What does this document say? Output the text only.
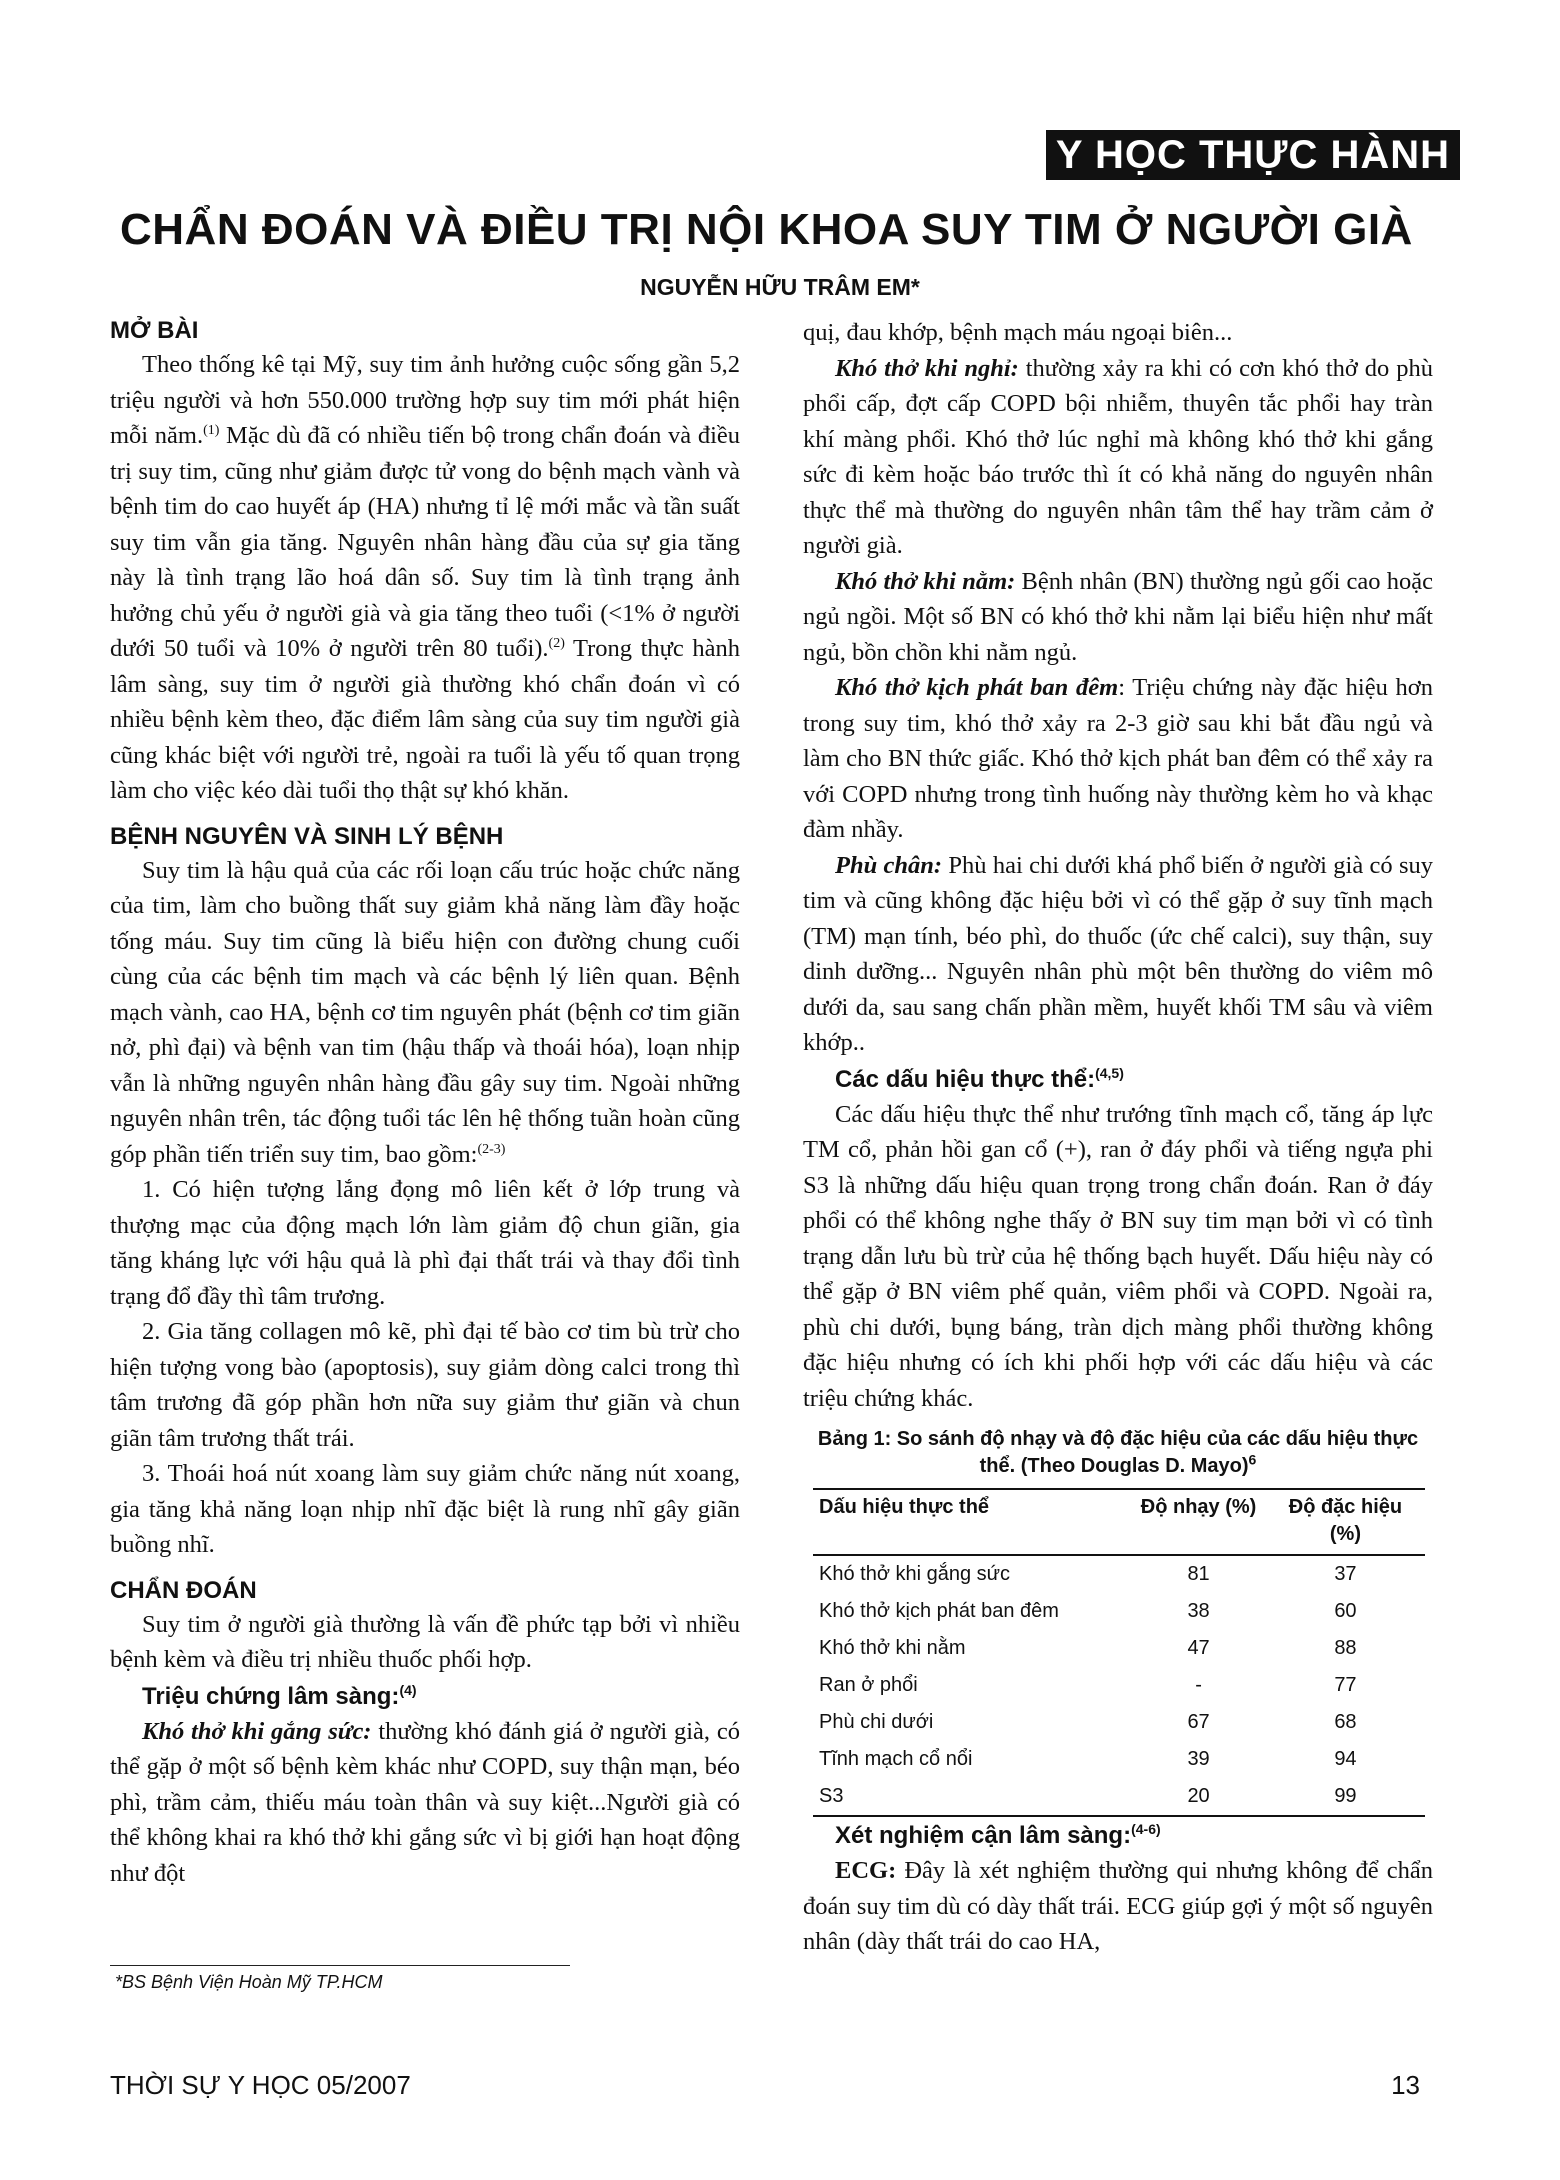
Y HỌC THỰC HÀNH
CHẨN ĐOÁN VÀ ĐIỀU TRỊ NỘI KHOA SUY TIM Ở NGƯỜI GIÀ
NGUYỄN HỮU TRÂM EM*
MỞ BÀI

Theo thống kê tại Mỹ, suy tim ảnh hưởng cuộc sống gần 5,2 triệu người và hơn 550.000 trường hợp suy tim mới phát hiện mỗi năm.$^{(1)}$ Mặc dù đã có nhiều tiến bộ trong chẩn đoán và điều trị suy tim, cũng như giảm được tử vong do bệnh mạch vành và bệnh tim do cao huyết áp (HA) nhưng tỉ lệ mới mắc và tần suất suy tim vẫn gia tăng. Nguyên nhân hàng đầu của sự gia tăng này là tình trạng lão hoá dân số. Suy tim là tình trạng ảnh hưởng chủ yếu ở người già và gia tăng theo tuổi (<1% ở người dưới 50 tuổi và 10% ở người trên 80 tuổi).$^{(2)}$ Trong thực hành lâm sàng, suy tim ở người già thường khó chẩn đoán vì có nhiều bệnh kèm theo, đặc điểm lâm sàng của suy tim người già cũng khác biệt với người trẻ, ngoài ra tuổi là yếu tố quan trọng làm cho việc kéo dài tuổi thọ thật sự khó khăn.

BỆNH NGUYÊN VÀ SINH LÝ BỆNH

Suy tim là hậu quả của các rối loạn cấu trúc hoặc chức năng của tim, làm cho buồng thất suy giảm khả năng làm đầy hoặc tống máu. Suy tim cũng là biểu hiện con đường chung cuối cùng của các bệnh tim mạch và các bệnh lý liên quan. Bệnh mạch vành, cao HA, bệnh cơ tim nguyên phát (bệnh cơ tim giãn nở, phì đại) và bệnh van tim (hậu thấp và thoái hóa), loạn nhịp vẫn là những nguyên nhân hàng đầu gây suy tim. Ngoài những nguyên nhân trên, tác động tuổi tác lên hệ thống tuần hoàn cũng góp phần tiến triển suy tim, bao gồm:$^{(2-3)}$

1. Có hiện tượng lắng đọng mô liên kết ở lớp trung và thượng mạc của động mạch lớn làm giảm độ chun giãn, gia tăng kháng lực với hậu quả là phì đại thất trái và thay đổi tình trạng đổ đầy thì tâm trương.

2. Gia tăng collagen mô kẽ, phì đại tế bào cơ tim bù trừ cho hiện tượng vong bào (apoptosis), suy giảm dòng calci trong thì tâm trương đã góp phần hơn nữa suy giảm thư giãn và chun giãn tâm trương thất trái.

3. Thoái hoá nút xoang làm suy giảm chức năng nút xoang, gia tăng khả năng loạn nhịp nhĩ đặc biệt là rung nhĩ gây giãn buồng nhĩ.

CHẨN ĐOÁN

Suy tim ở người già thường là vấn đề phức tạp bởi vì nhiều bệnh kèm và điều trị nhiều thuốc phối hợp.

Triệu chứng lâm sàng:$^{(4)}$

Khó thở khi gắng sức: thường khó đánh giá ở người già, có thể gặp ở một số bệnh kèm khác như COPD, suy thận mạn, béo phì, trầm cảm, thiếu máu toàn thân và suy kiệt...Người già có thể không khai ra khó thở khi gắng sức vì bị giới hạn hoạt động như đột

quị, đau khớp, bệnh mạch máu ngoại biên...

Khó thở khi nghỉ: thường xảy ra khi có cơn khó thở do phù phổi cấp, đợt cấp COPD bội nhiễm, thuyên tắc phổi hay tràn khí màng phổi. Khó thở lúc nghỉ mà không khó thở khi gắng sức đi kèm hoặc báo trước thì ít có khả năng do nguyên nhân thực thể mà thường do nguyên nhân tâm thể hay trầm cảm ở người già.

Khó thở khi nằm: Bệnh nhân (BN) thường ngủ gối cao hoặc ngủ ngồi. Một số BN có khó thở khi nằm lại biểu hiện như mất ngủ, bồn chồn khi nằm ngủ.

Khó thở kịch phát ban đêm: Triệu chứng này đặc hiệu hơn trong suy tim, khó thở xảy ra 2-3 giờ sau khi bắt đầu ngủ và làm cho BN thức giấc. Khó thở kịch phát ban đêm có thể xảy ra với COPD nhưng trong tình huống này thường kèm ho và khạc đàm nhầy.

Phù chân: Phù hai chi dưới khá phổ biến ở người già có suy tim và cũng không đặc hiệu bởi vì có thể gặp ở suy tĩnh mạch (TM) mạn tính, béo phì, do thuốc (ức chế calci), suy thận, suy dinh dưỡng... Nguyên nhân phù một bên thường do viêm mô dưới da, sau sang chấn phần mềm, huyết khối TM sâu và viêm khớp..

Các dấu hiệu thực thể:$^{(4,5)}$

Các dấu hiệu thực thể như trướng tĩnh mạch cổ, tăng áp lực TM cổ, phản hồi gan cổ (+), ran ở đáy phổi và tiếng ngựa phi S3 là những dấu hiệu quan trọng trong chẩn đoán. Ran ở đáy phổi có thể không nghe thấy ở BN suy tim mạn bởi vì có tình trạng dẫn lưu bù trừ của hệ thống bạch huyết. Dấu hiệu này có thể gặp ở BN viêm phế quản, viêm phổi và COPD. Ngoài ra, phù chi dưới, bụng báng, tràn dịch màng phổi thường không đặc hiệu nhưng có ích khi phối hợp với các dấu hiệu và các triệu chứng khác.

Bảng 1: So sánh độ nhạy và độ đặc hiệu của các dấu hiệu thực thể. (Theo Douglas D. Mayo)$^6$
Dấu hiệu thực thể	Độ nhạy (%)	Độ đặc hiệu (%)
Khó thở khi gắng sức	81	37
Khó thở kịch phát ban đêm	38	60
Khó thở khi nằm	47	88
Ran ở phổi	-	77
Phù chi dưới	67	68
Tĩnh mạch cổ nổi	39	94
S3	20	99
Xét nghiệm cận lâm sàng:$^{(4-6)}$

ECG: Đây là xét nghiệm thường qui nhưng không để chẩn đoán suy tim dù có dày thất trái. ECG giúp gợi ý một số nguyên nhân (dày thất trái do cao HA,

*BS Bệnh Viện Hoàn Mỹ TP.HCM
THỜI SỰ Y HỌC 05/2007	13
